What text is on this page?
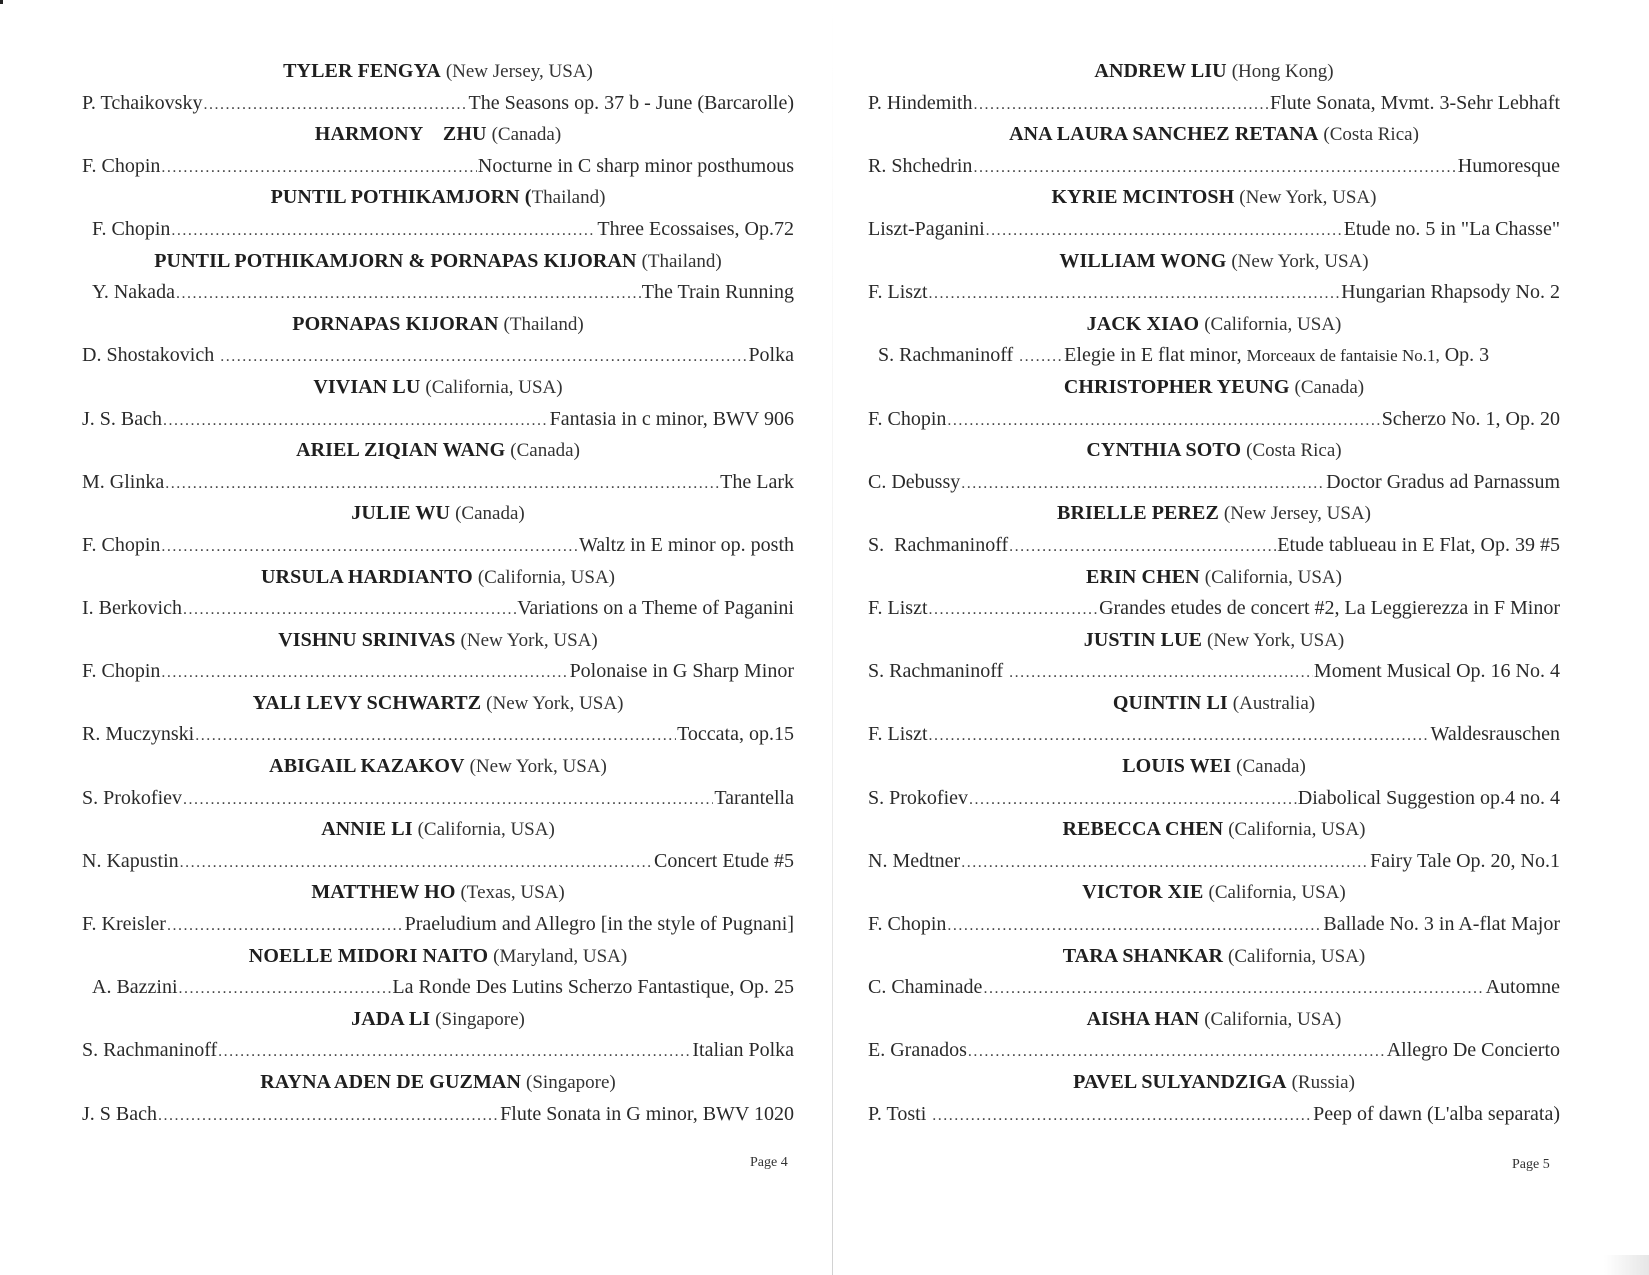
TYLER FENGYA (New Jersey, USA)
P. Tchaikovsky .....	The Seasons op. 37 b - June (Barcarolle)
HARMONY    ZHU (Canada)
F. Chopin .....	Nocturne in C sharp minor posthumous
PUNTIL POTHIKAMJORN (Thailand)
F. Chopin .....	Three Ecossaises, Op.72
PUNTIL POTHIKAMJORN & PORNAPAS KIJORAN (Thailand)
Y. Nakada .....	The Train Running
PORNAPAS KIJORAN (Thailand)
D. Shostakovich .....	Polka
VIVIAN LU (California, USA)
J. S. Bach .....	Fantasia in c minor, BWV 906
ARIEL ZIQIAN WANG (Canada)
M. Glinka .....	The Lark
JULIE WU (Canada)
F. Chopin .....	Waltz in E minor op. posth
URSULA HARDIANTO (California, USA)
I. Berkovich .....	Variations on a Theme of Paganini
VISHNU SRINIVAS (New York, USA)
F. Chopin .....	Polonaise in G Sharp Minor
YALI LEVY SCHWARTZ (New York, USA)
R. Muczynski .....	Toccata, op.15
ABIGAIL KAZAKOV (New York, USA)
S. Prokofiev .....	Tarantella
ANNIE LI (California, USA)
N. Kapustin .....	Concert Etude #5
MATTHEW HO (Texas, USA)
F. Kreisler .....	Praeludium and Allegro [in the style of Pugnani]
NOELLE MIDORI NAITO (Maryland, USA)
A. Bazzini .....	La Ronde Des Lutins Scherzo Fantastique, Op. 25
JADA LI (Singapore)
S. Rachmaninoff .....	Italian Polka
RAYNA ADEN DE GUZMAN (Singapore)
J. S Bach .....	Flute Sonata in G minor, BWV 1020
Page 4
ANDREW LIU (Hong Kong)
P. Hindemith .....	Flute Sonata, Mvmt. 3-Sehr Lebhaft
ANA LAURA SANCHEZ RETANA (Costa Rica)
R. Shchedrin .....	Humoresque
KYRIE MCINTOSH (New York, USA)
Liszt-Paganini .....	Etude no. 5 in "La Chasse"
WILLIAM WONG (New York, USA)
F. Liszt .....	Hungarian Rhapsody No. 2
JACK XIAO (California, USA)
S. Rachmaninoff ..... Elegie in E flat minor, Morceaux de fantaisie No.1, Op. 3
CHRISTOPHER YEUNG (Canada)
F. Chopin .....	Scherzo No. 1, Op. 20
CYNTHIA SOTO (Costa Rica)
C. Debussy .....	Doctor Gradus ad Parnassum
BRIELLE PEREZ (New Jersey, USA)
S.  Rachmaninoff .....	Etude tablueau in E Flat, Op. 39 #5
ERIN CHEN (California, USA)
F. Liszt .....	Grandes etudes de concert #2, La Leggierezza in F Minor
JUSTIN LUE (New York, USA)
S. Rachmaninoff .....	Moment Musical Op. 16 No. 4
QUINTIN LI (Australia)
F. Liszt .....	Waldesrauschen
LOUIS WEI (Canada)
S. Prokofiev .....	Diabolical Suggestion op.4 no. 4
REBECCA CHEN (California, USA)
N. Medtner .....	Fairy Tale Op. 20, No.1
VICTOR XIE (California, USA)
F. Chopin .....	Ballade No. 3 in A-flat Major
TARA SHANKAR (California, USA)
C. Chaminade .....	Automne
AISHA HAN (California, USA)
E. Granados .....	Allegro De Concierto
PAVEL SULYANDZIGA (Russia)
P. Tosti .....	Peep of dawn (L'alba separata)
Page 5
